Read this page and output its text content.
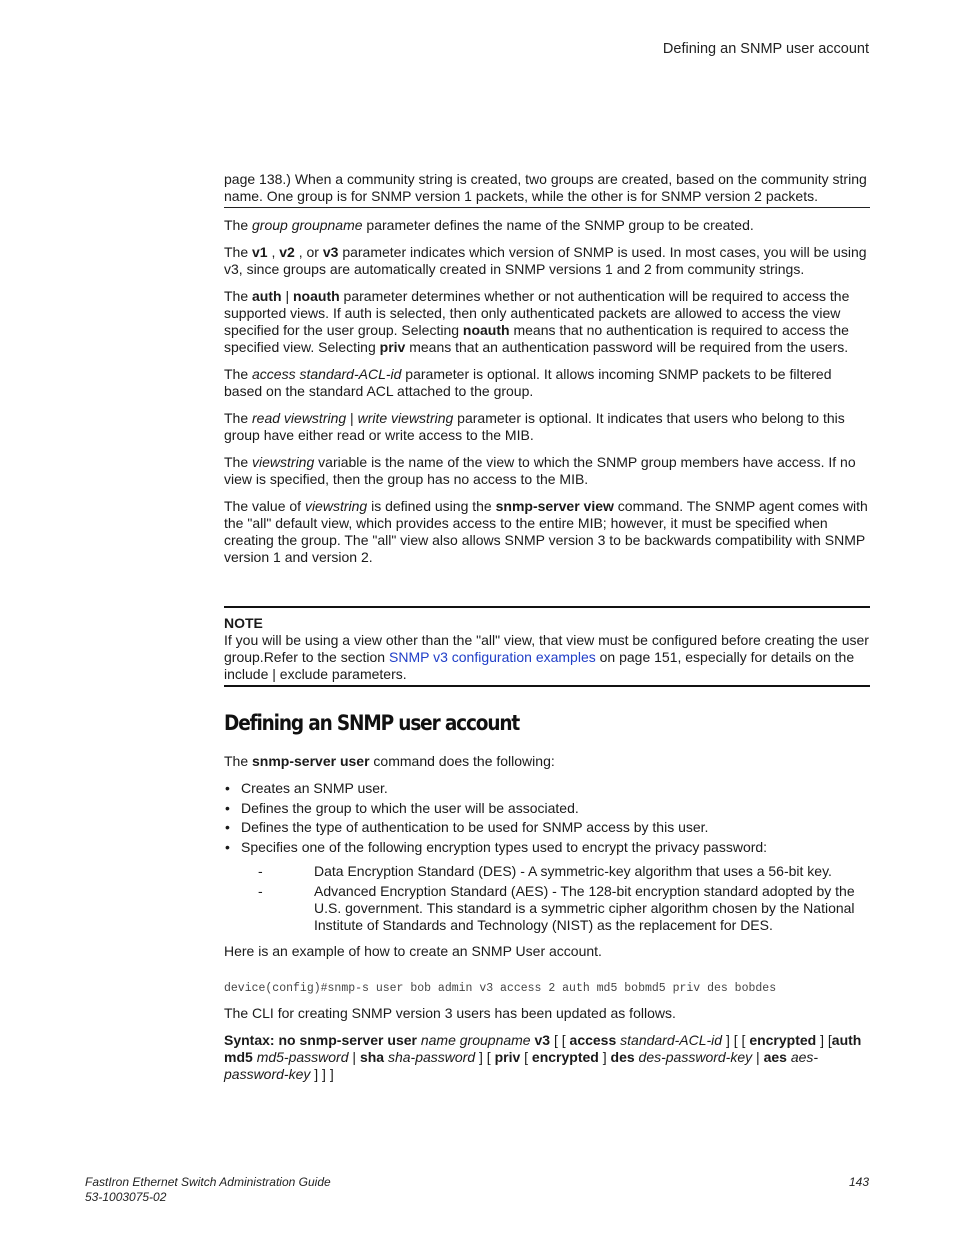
Defining an SNMP user account

page 138.) When a community string is created, two groups are created, based on the community string name. One group is for SNMP version 1 packets, while the other is for SNMP version 2 packets.

The group groupname parameter defines the name of the SNMP group to be created.

The v1 , v2 , or v3 parameter indicates which version of SNMP is used. In most cases, you will be using v3, since groups are automatically created in SNMP versions 1 and 2 from community strings.

The auth | noauth parameter determines whether or not authentication will be required to access the supported views. If auth is selected, then only authenticated packets are allowed to access the view specified for the user group. Selecting noauth means that no authentication is required to access the specified view. Selecting priv means that an authentication password will be required from the users.

The access standard-ACL-id parameter is optional. It allows incoming SNMP packets to be filtered based on the standard ACL attached to the group.

The read viewstring | write viewstring parameter is optional. It indicates that users who belong to this group have either read or write access to the MIB.

The viewstring variable is the name of the view to which the SNMP group members have access. If no view is specified, then the group has no access to the MIB.

The value of viewstring is defined using the snmp-server view command. The SNMP agent comes with the "all" default view, which provides access to the entire MIB; however, it must be specified when creating the group. The "all" view also allows SNMP version 3 to be backwards compatibility with SNMP version 1 and version 2.

NOTE

If you will be using a view other than the "all" view, that view must be configured before creating the user group.Refer to the section SNMP v3 configuration examples on page 151, especially for details on the include | exclude parameters.

Defining an SNMP user account

The snmp-server user command does the following:

• Creates an SNMP user.
• Defines the group to which the user will be associated.
• Defines the type of authentication to be used for SNMP access by this user.
• Specifies one of the following encryption types used to encrypt the privacy password:
-	Data Encryption Standard (DES) - A symmetric-key algorithm that uses a 56-bit key.
-	Advanced Encryption Standard (AES) - The 128-bit encryption standard adopted by the U.S. government. This standard is a symmetric cipher algorithm chosen by the National Institute of Standards and Technology (NIST) as the replacement for DES.

Here is an example of how to create an SNMP User account.

device(config)#snmp-s user bob admin v3 access 2 auth md5 bobmd5 priv des bobdes

The CLI for creating SNMP version 3 users has been updated as follows.

Syntax: no snmp-server user name groupname v3 [ [ access standard-ACL-id ] [ [ encrypted ] [auth md5 md5-password | sha sha-password ] [ priv [ encrypted ] des des-password-key | aes aes-password-key ] ] ]

FastIron Ethernet Switch Administration Guide
53-1003075-02
143
